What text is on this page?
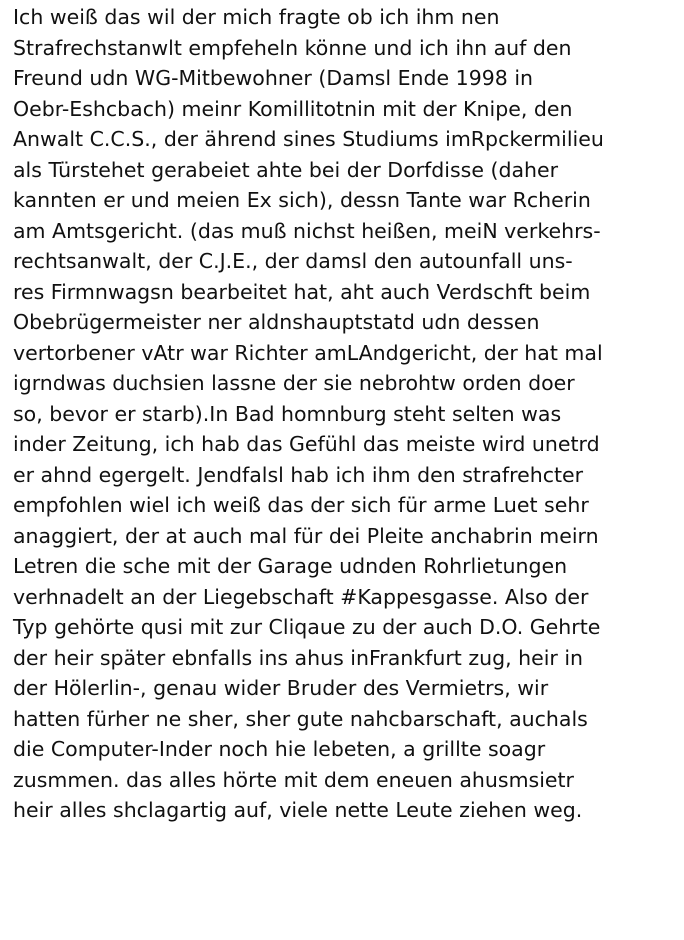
Ich weiß das wil der mich fragte ob ich ihm nen
Strafrechstanwlt empfeheln könne und ich ihn auf den
Freund udn WG-Mitbewohner (Damsl Ende 1998 in
Oebr-Eshcbach) meinr Komillitotnin mit der Knipe, den
Anwalt C.C.S., der ährend sines Studiums imRpckermilieu
als Türstehet gerabeiet ahte bei der Dorfdisse (daher
kannten er und meien Ex sich), dessn Tante war Rcherin
am Amtsgericht. (das muß nichst heißen, meiN verkehrs-
rechtsanwalt, der C.J.E., der damsl den autounfall uns-
res Firmnwagsn bearbeitet hat, aht auch Verdschft beim
Obebrügermeister ner aldnshauptstatd udn dessen
vertorbener vAtr war Richter amLAndgericht, der hat mal
igrndwas duchsien lassne der sie nebrohtw orden doer
so, bevor er starb).In Bad homnburg steht selten was
inder Zeitung, ich hab das Gefühl das meiste wird unetrd
er ahnd egergelt. Jendfalsl hab ich ihm den strafrehcter
empfohlen wiel ich weiß das der sich für arme Luet sehr
anaggiert, der at auch mal für dei Pleite anchabrin meirn
Letren die sche mit der Garage udnden Rohrlietungen
verhnadelt an der Liegebschaft #Kappesgasse. Also der
Typ gehörte qusi mit zur Cliqaue zu der auch D.O. Gehrte
der heir später ebnfalls ins ahus inFrankfurt zug, heir in
der Hölerlin-, genau wider Bruder des Vermietrs, wir
hatten fürher ne sher, sher gute nahcbarschaft, auchals
die Computer-Inder noch hie lebeten, a grillte soagr
zusmmen. das alles hörte mit dem eneuen ahusmsietr
heir alles shclagartig auf, viele nette Leute ziehen weg.
